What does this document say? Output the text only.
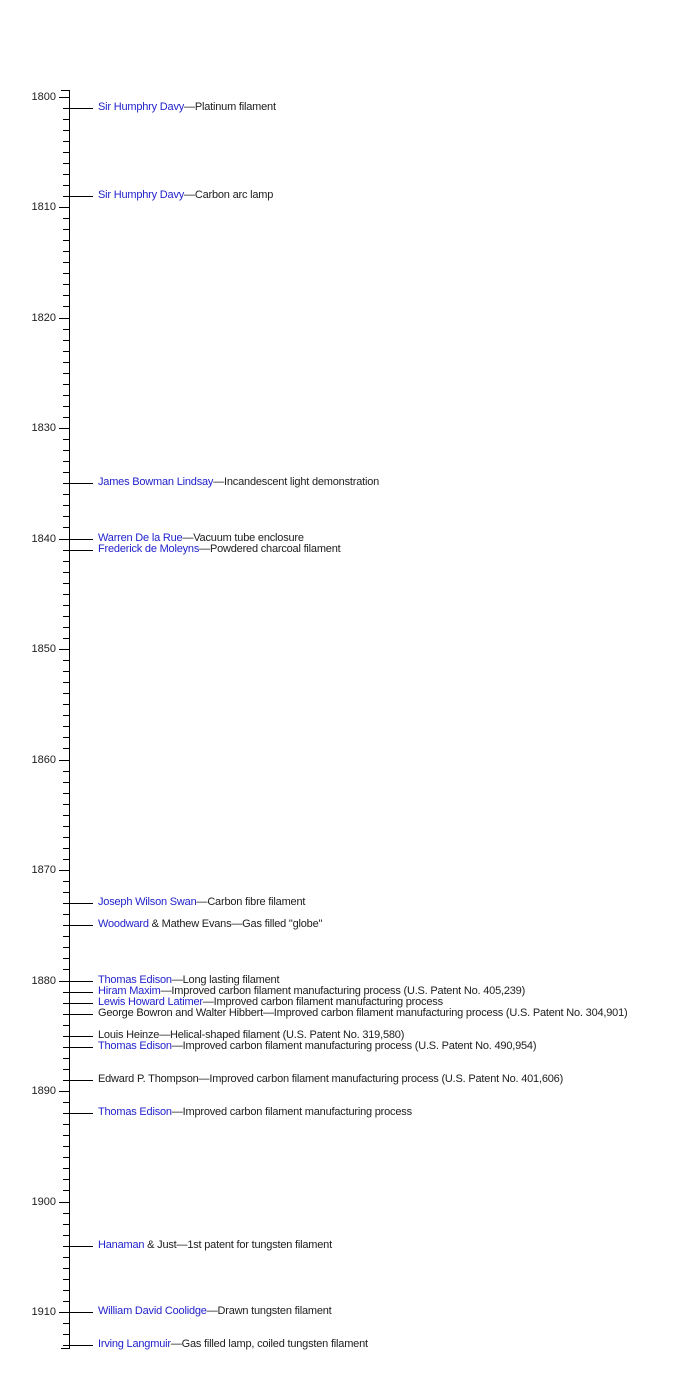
1800
1810
1820
1830
1840
1850
1860
1870
1880
1890
1900
1910
Sir Humphry Davy—Platinum filament
Sir Humphry Davy—Carbon arc lamp
James Bowman Lindsay—Incandescent light demonstration
Warren De la Rue—Vacuum tube enclosure
Frederick de Moleyns—Powdered charcoal filament
Joseph Wilson Swan—Carbon fibre filament
Woodward & Mathew Evans—Gas filled "globe"
Thomas Edison—Long lasting filament
Hiram Maxim—Improved carbon filament manufacturing process (U.S. Patent No. 405,239)
Lewis Howard Latimer—Improved carbon filament manufacturing process
George Bowron and Walter Hibbert—Improved carbon filament manufacturing process (U.S. Patent No. 304,901)
Louis Heinze—Helical-shaped filament (U.S. Patent No. 319,580)
Thomas Edison—Improved carbon filament manufacturing process (U.S. Patent No. 490,954)
Edward P. Thompson—Improved carbon filament manufacturing process (U.S. Patent No. 401,606)
Thomas Edison—Improved carbon filament manufacturing process
Hanaman & Just—1st patent for tungsten filament
William David Coolidge—Drawn tungsten filament
Irving Langmuir—Gas filled lamp, coiled tungsten filament
